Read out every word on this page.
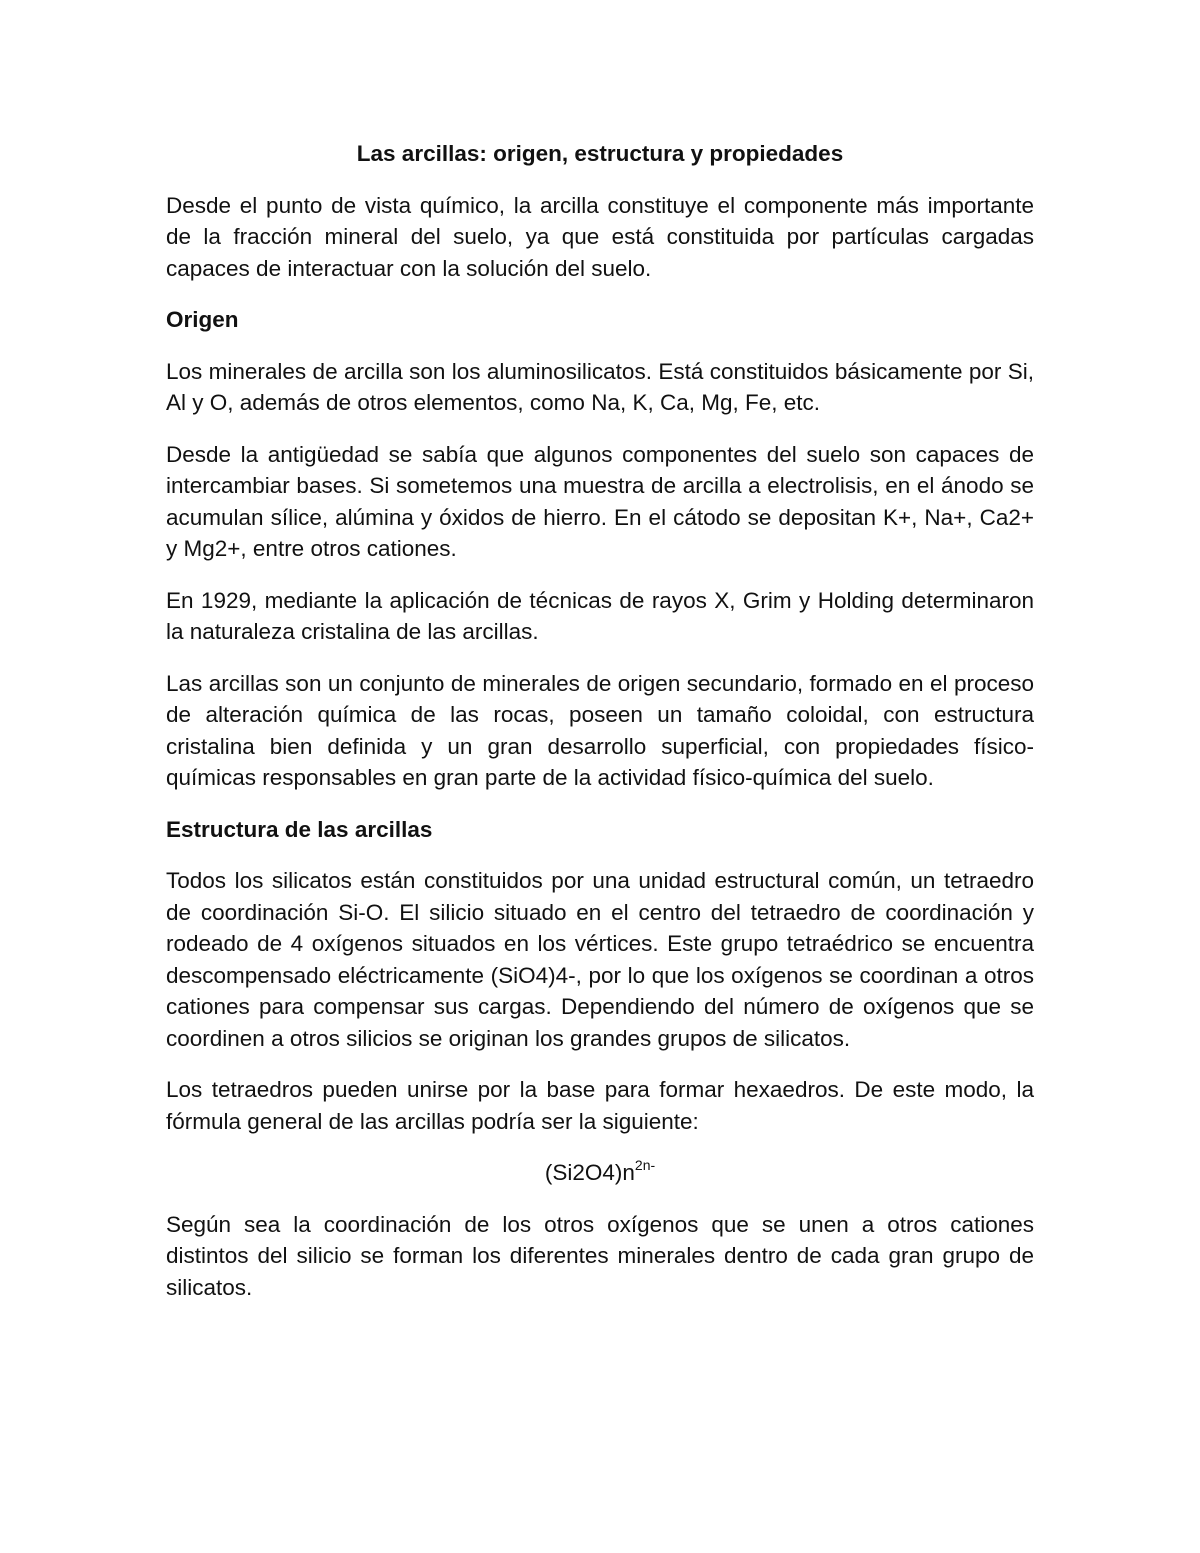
Las arcillas: origen, estructura y propiedades

Desde el punto de vista químico, la arcilla constituye el componente más importante de la fracción mineral del suelo, ya que está constituida por partículas cargadas capaces de interactuar con la solución del suelo.

Origen

Los minerales de arcilla son los aluminosilicatos. Está constituidos básicamente por Si, Al y O, además de otros elementos, como Na, K, Ca, Mg, Fe, etc.

Desde la antigüedad se sabía que algunos componentes del suelo son capaces de intercambiar bases. Si sometemos una muestra de arcilla a electrolisis, en el ánodo se acumulan sílice, alúmina y óxidos de hierro. En el cátodo se depositan K+, Na+, Ca2+ y Mg2+, entre otros cationes.

En 1929, mediante la aplicación de técnicas de rayos X, Grim y Holding determinaron la naturaleza cristalina de las arcillas.

Las arcillas son un conjunto de minerales de origen secundario, formado en el proceso de alteración química de las rocas, poseen un tamaño coloidal, con estructura cristalina bien definida y un gran desarrollo superficial, con propiedades físico-químicas responsables en gran parte de la actividad físico-química del suelo.

Estructura de las arcillas

Todos los silicatos están constituidos por una unidad estructural común, un tetraedro de coordinación Si-O. El silicio situado en el centro del tetraedro de coordinación y rodeado de 4 oxígenos situados en los vértices. Este grupo tetraédrico se encuentra descompensado eléctricamente (SiO4)4-, por lo que los oxígenos se coordinan a otros cationes para compensar sus cargas. Dependiendo del número de oxígenos que se coordinen a otros silicios se originan los grandes grupos de silicatos.

Los tetraedros pueden unirse por la base para formar hexaedros. De este modo, la fórmula general de las arcillas podría ser la siguiente:

$(Si2O4)n^{2n-}$

Según sea la coordinación de los otros oxígenos que se unen a otros cationes distintos del silicio se forman los diferentes minerales dentro de cada gran grupo de silicatos.
